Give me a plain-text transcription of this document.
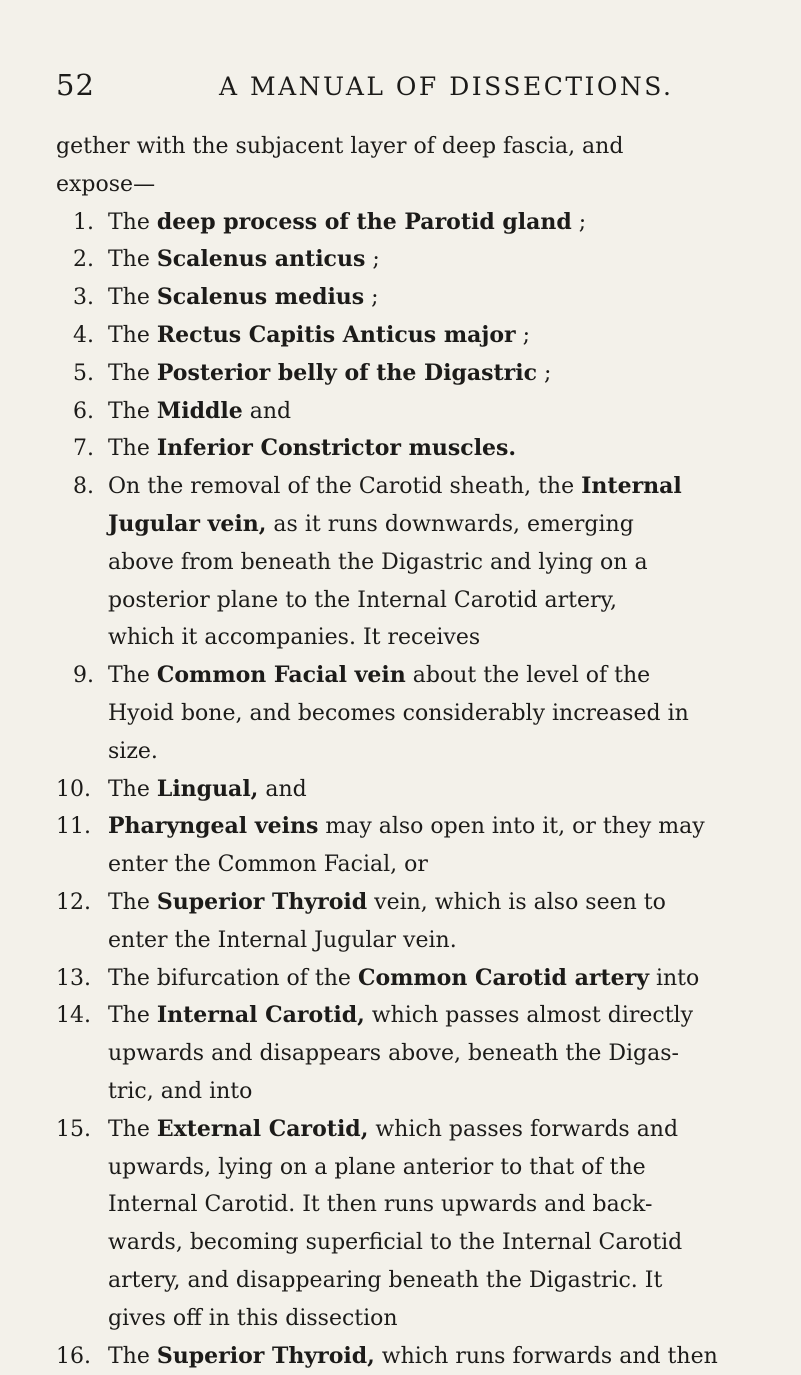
52	A MANUAL OF DISSECTIONS.
gether with the subjacent layer of deep fascia, and
expose—
1. The deep process of the Parotid gland ;
2. The Scalenus anticus ;
3. The Scalenus medius ;
4. The Rectus Capitis Anticus major ;
5. The Posterior belly of the Digastric ;
6. The Middle and
7. The Inferior Constrictor muscles.
8. On the removal of the Carotid sheath, the Internal
Jugular vein, as it runs downwards, emerging
above from beneath the Digastric and lying on a
posterior plane to the Internal Carotid artery,
which it accompanies. It receives
9. The Common Facial vein about the level of the
Hyoid bone, and becomes considerably increased in
size.
10. The Lingual, and
11. Pharyngeal veins may also open into it, or they may
enter the Common Facial, or
12. The Superior Thyroid vein, which is also seen to
enter the Internal Jugular vein.
13. The bifurcation of the Common Carotid artery into
14. The Internal Carotid, which passes almost directly
upwards and disappears above, beneath the Digas-
tric, and into
15. The External Carotid, which passes forwards and
upwards, lying on a plane anterior to that of the
Internal Carotid. It then runs upwards and back-
wards, becoming superficial to the Internal Carotid
artery, and disappearing beneath the Digastric. It
gives off in this dissection
16. The Superior Thyroid, which runs forwards and then
